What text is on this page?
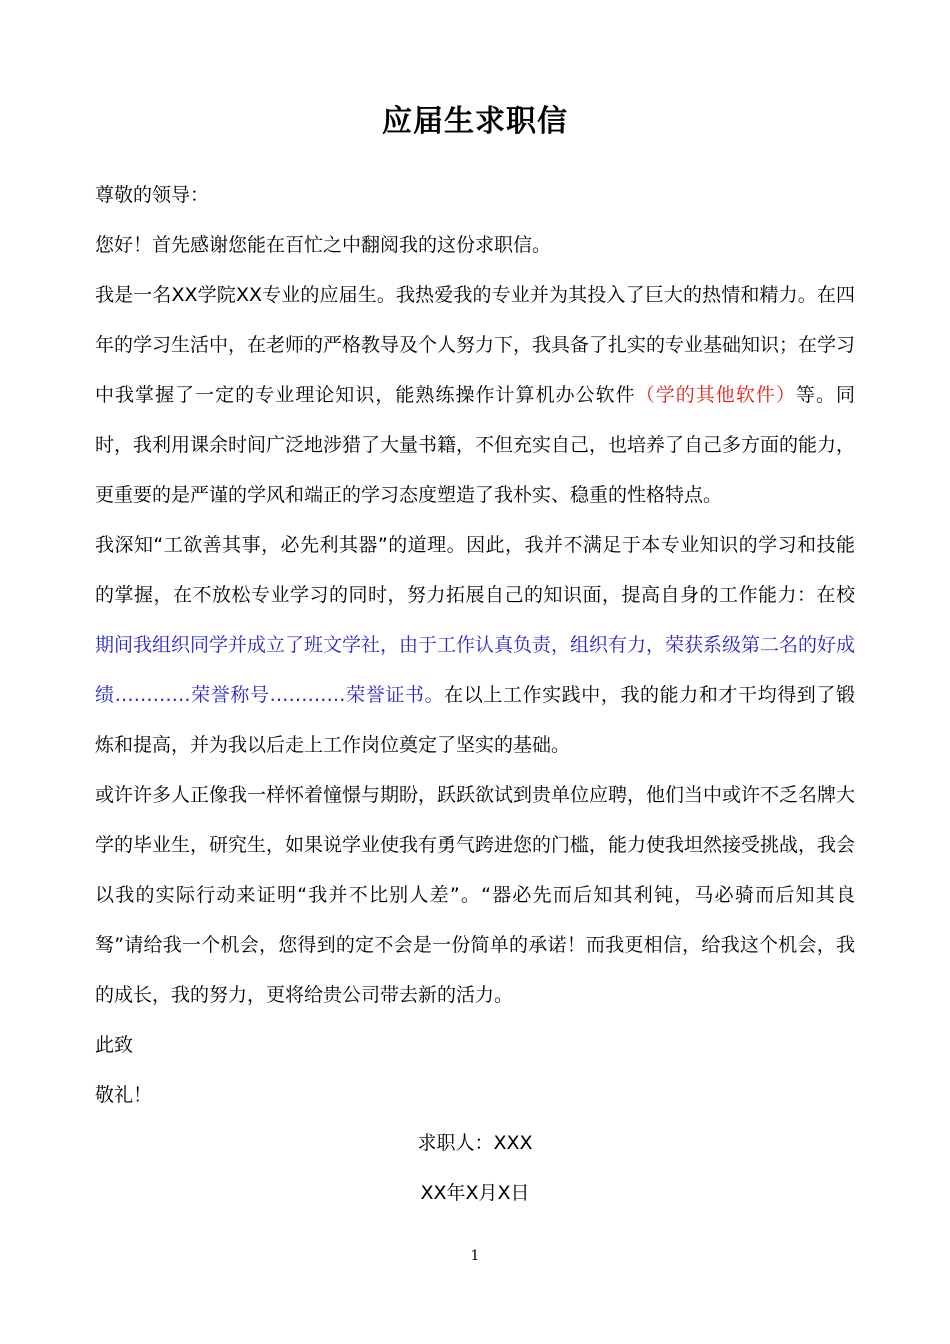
应届生求职信

尊敬的领导：

您好！首先感谢您能在百忙之中翻阅我的这份求职信。

我是一名XX学院XX专业的应届生。我热爱我的专业并为其投入了巨大的热情和精力。在四年的学习生活中，在老师的严格教导及个人努力下，我具备了扎实的专业基础知识；在学习中我掌握了一定的专业理论知识，能熟练操作计算机办公软件（学的其他软件）等。同时，我利用课余时间广泛地涉猎了大量书籍，不但充实自己，也培养了自己多方面的能力，更重要的是严谨的学风和端正的学习态度塑造了我朴实、稳重的性格特点。

我深知“工欲善其事，必先利其器”的道理。因此，我并不满足于本专业知识的学习和技能的掌握，在不放松专业学习的同时，努力拓展自己的知识面，提高自身的工作能力：在校期间我组织同学并成立了班文学社，由于工作认真负责，组织有力，荣获系级第二名的好成绩…………荣誉称号…………荣誉证书。在以上工作实践中，我的能力和才干均得到了锻炼和提高，并为我以后走上工作岗位奠定了坚实的基础。

或许许多人正像我一样怀着憧憬与期盼，跃跃欲试到贵单位应聘，他们当中或许不乏名牌大学的毕业生，研究生，如果说学业使我有勇气跨进您的门槛，能力使我坦然接受挑战，我会以我的实际行动来证明“我并不比别人差”。“器必先而后知其利钝，马必骑而后知其良驽”请给我一个机会，您得到的定不会是一份简单的承诺！而我更相信，给我这个机会，我的成长，我的努力，更将给贵公司带去新的活力。

此致

敬礼！

求职人：XXX
XX年X月X日
1
